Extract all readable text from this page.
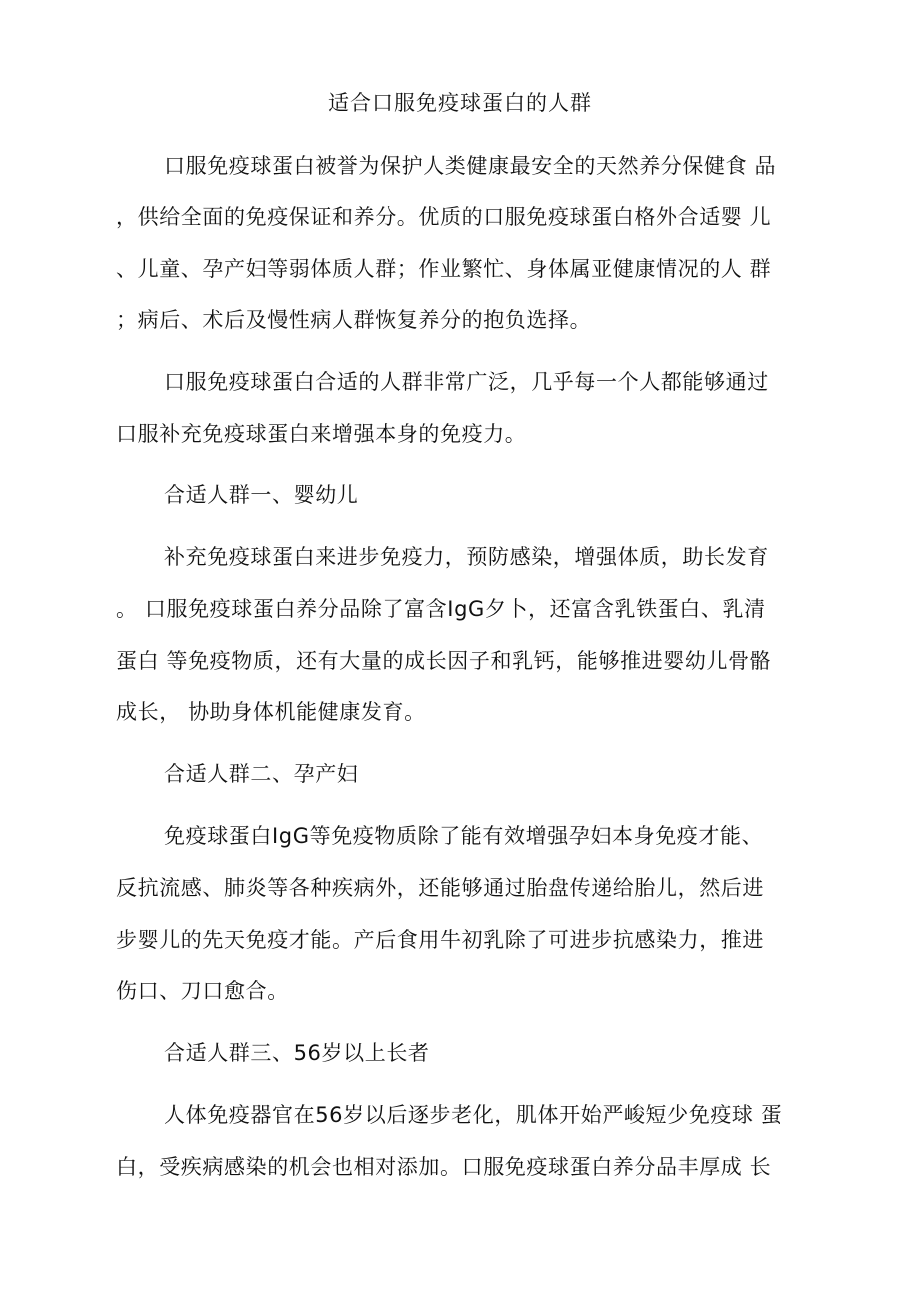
适合口服免疫球蛋白的人群
口服免疫球蛋白被誉为保护人类健康最安全的天然养分保健食 品
，供给全面的免疫保证和养分。优质的口服免疫球蛋白格外合适婴 儿
、儿童、孕产妇等弱体质人群；作业繁忙、身体属亚健康情况的人 群
；病后、术后及慢性病人群恢复养分的抱负选择。
口服免疫球蛋白合适的人群非常广泛，几乎每一个人都能够通过
口服补充免疫球蛋白来增强本身的免疫力。
合适人群一、婴幼儿
补充免疫球蛋白来进步免疫力，预防感染，增强体质，助长发育
。 口服免疫球蛋白养分品除了富含IgG夕卜，还富含乳铁蛋白、乳清
蛋白 等免疫物质，还有大量的成长因子和乳钙，能够推进婴幼儿骨骼
成长， 协助身体机能健康发育。
合适人群二、孕产妇
免疫球蛋白IgG等免疫物质除了能有效增强孕妇本身免疫才能、
反抗流感、肺炎等各种疾病外，还能够通过胎盘传递给胎儿，然后进
步婴儿的先天免疫才能。产后食用牛初乳除了可进步抗感染力，推进
伤口、刀口愈合。
合适人群三、56岁以上长者
人体免疫器官在56岁以后逐步老化，肌体开始严峻短少免疫球 蛋
白，受疾病感染的机会也相对添加。口服免疫球蛋白养分品丰厚成 长
